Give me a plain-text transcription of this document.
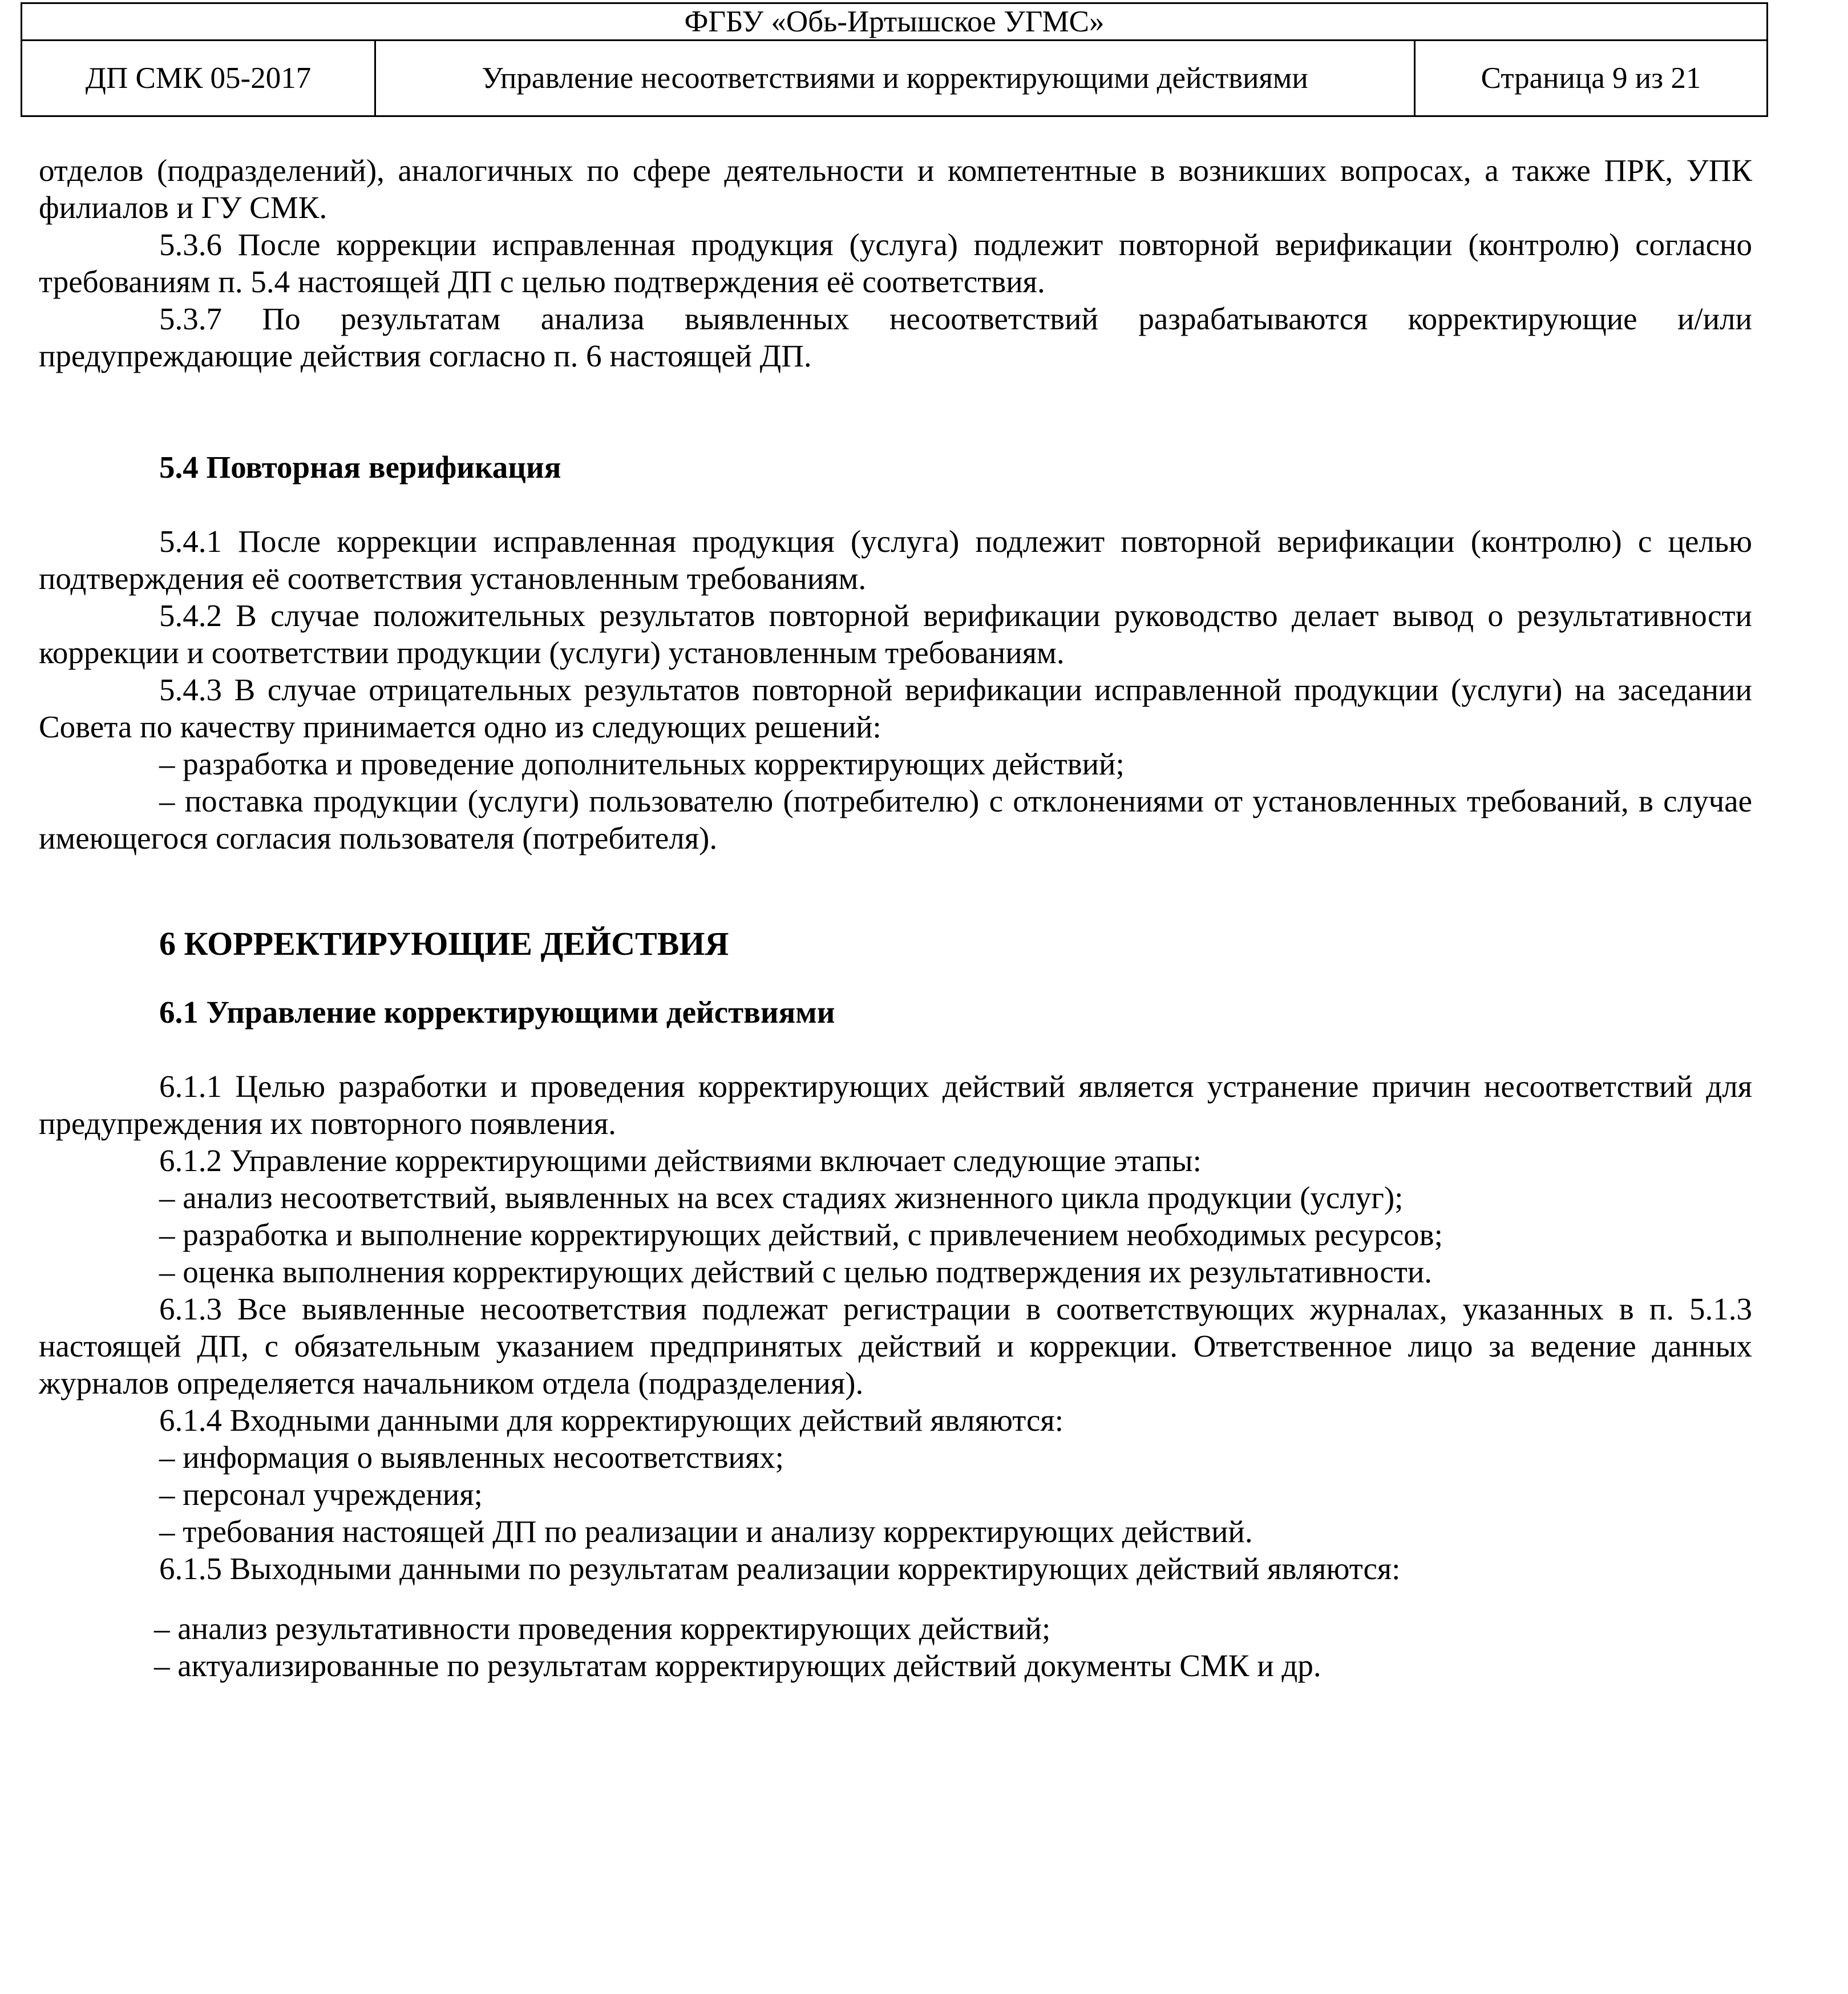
ФГБУ «Обь-Иртышское УГМС»
ДП СМК 05-2017	Управление несоответствиями и корректирующими действиями	Страница 9 из 21

отделов (подразделений), аналогичных по сфере деятельности и компетентные в возникших вопросах, а также ПРК, УПК филиалов и ГУ СМК.

5.3.6 После коррекции исправленная продукция (услуга) подлежит повторной верификации (контролю) согласно требованиям п. 5.4 настоящей ДП с целью подтверждения её соответствия.

5.3.7 По результатам анализа выявленных несоответствий разрабатываются корректирующие и/или предупреждающие действия согласно п. 6 настоящей ДП.

5.4 Повторная верификация

5.4.1 После коррекции исправленная продукция (услуга) подлежит повторной верификации (контролю) с целью подтверждения её соответствия установленным требованиям.

5.4.2 В случае положительных результатов повторной верификации руководство делает вывод о результативности коррекции и соответствии продукции (услуги) установленным требованиям.

5.4.3 В случае отрицательных результатов повторной верификации исправленной продукции (услуги) на заседании Совета по качеству принимается одно из следующих решений:

– разработка и проведение дополнительных корректирующих действий;

– поставка продукции (услуги) пользователю (потребителю) с отклонениями от установленных требований, в случае имеющегося согласия пользователя (потребителя).

6 КОРРЕКТИРУЮЩИЕ ДЕЙСТВИЯ

6.1 Управление корректирующими действиями

6.1.1 Целью разработки и проведения корректирующих действий является устранение причин несоответствий для предупреждения их повторного появления.

6.1.2 Управление корректирующими действиями включает следующие этапы:

– анализ несоответствий, выявленных на всех стадиях жизненного цикла продукции (услуг);

– разработка и выполнение корректирующих действий, с привлечением необходимых ресурсов;

– оценка выполнения корректирующих действий с целью подтверждения их результативности.

6.1.3 Все выявленные несоответствия подлежат регистрации в соответствующих журналах, указанных в п. 5.1.3 настоящей ДП, с обязательным указанием предпринятых действий и коррекции. Ответственное лицо за ведение данных журналов определяется начальником отдела (подразделения).

6.1.4 Входными данными для корректирующих действий являются:

– информация о выявленных несоответствиях;

– персонал учреждения;

– требования настоящей ДП по реализации и анализу корректирующих действий.

6.1.5 Выходными данными по результатам реализации корректирующих действий являются:

– анализ результативности проведения корректирующих действий;

– актуализированные по результатам корректирующих действий документы СМК и др.
